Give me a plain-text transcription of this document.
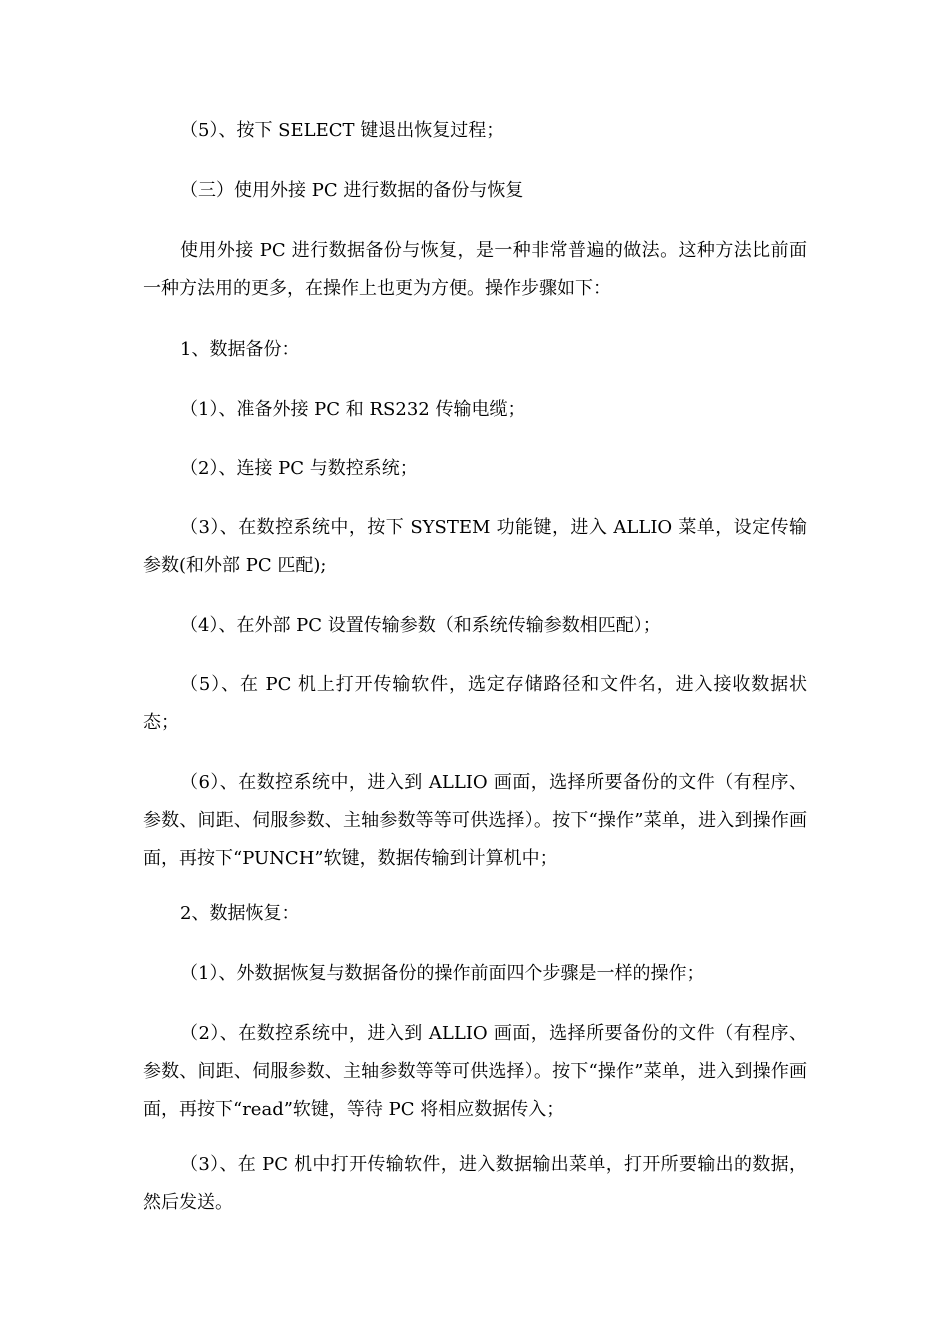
（5）、按下 SELECT 键退出恢复过程；

（三）使用外接 PC 进行数据的备份与恢复

使用外接 PC 进行数据备份与恢复，是一种非常普遍的做法。这种方法比前面一种方法用的更多，在操作上也更为方便。操作步骤如下：

1、数据备份：

（1）、准备外接 PC 和 RS232 传输电缆；

（2）、连接 PC 与数控系统；

（3）、在数控系统中，按下 SYSTEM 功能键，进入 ALLIO 菜单，设定传输参数(和外部 PC 匹配);

（4）、在外部 PC 设置传输参数（和系统传输参数相匹配）；

（5）、在 PC 机上打开传输软件，选定存储路径和文件名，进入接收数据状态；

（6）、在数控系统中，进入到 ALLIO 画面，选择所要备份的文件（有程序、参数、间距、伺服参数、主轴参数等等可供选择）。按下“操作”菜单，进入到操作画面，再按下“PUNCH”软键，数据传输到计算机中；

2、数据恢复：

（1）、外数据恢复与数据备份的操作前面四个步骤是一样的操作；

（2）、在数控系统中，进入到 ALLIO 画面，选择所要备份的文件（有程序、参数、间距、伺服参数、主轴参数等等可供选择）。按下“操作”菜单，进入到操作画面，再按下“read”软键，等待 PC 将相应数据传入；

（3）、在 PC 机中打开传输软件，进入数据输出菜单，打开所要输出的数据，然后发送。
